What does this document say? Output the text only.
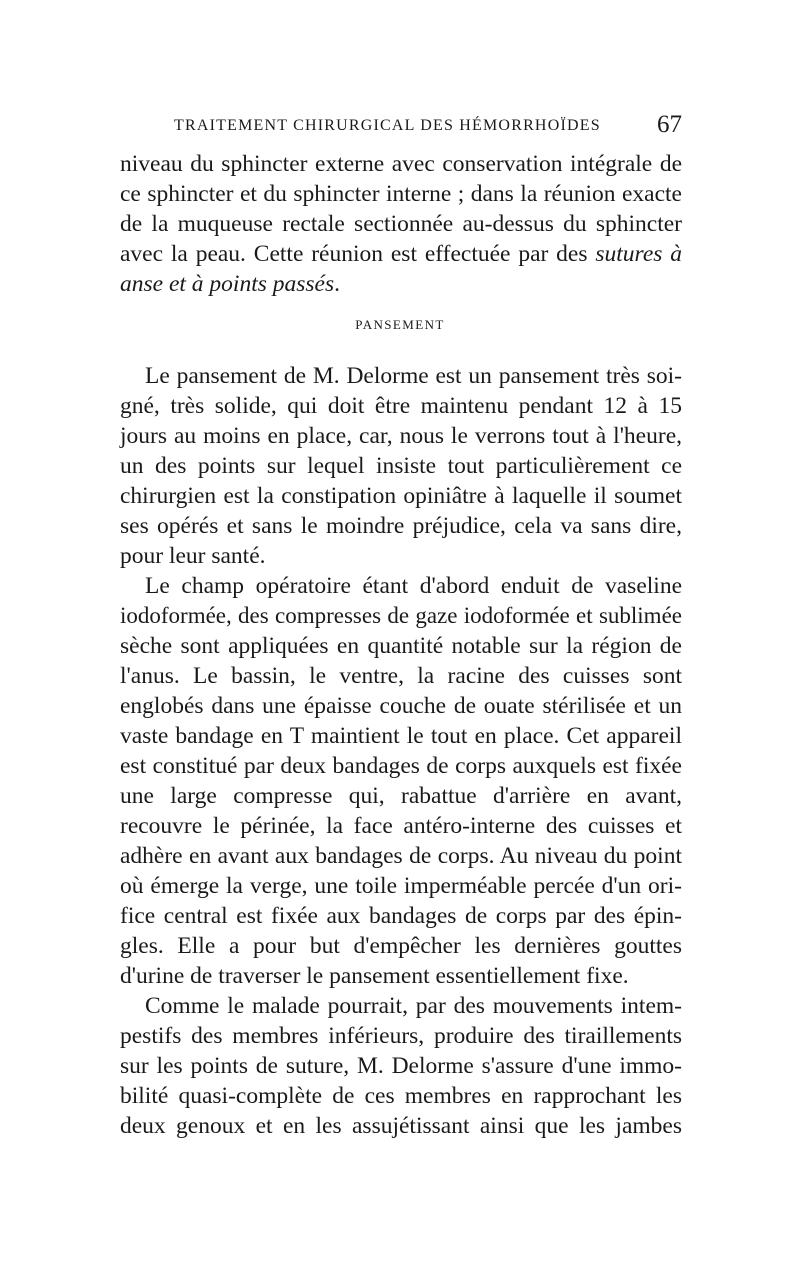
TRAITEMENT CHIRURGICAL DES HÉMORRHOÏDES 67
niveau du sphincter externe avec conservation intégrale de
ce sphincter et du sphincter interne ; dans la réunion exacte
de la muqueuse rectale sectionnée au-dessus du sphincter
avec la peau. Cette réunion est effectuée par des sutures à
anse et à points passés.
PANSEMENT
Le pansement de M. Delorme est un pansement très soi-
gné, très solide, qui doit être maintenu pendant 12 à 15
jours au moins en place, car, nous le verrons tout à l'heure,
un des points sur lequel insiste tout particulièrement ce
chirurgien est la constipation opiniâtre à laquelle il soumet
ses opérés et sans le moindre préjudice, cela va sans dire,
pour leur santé.
Le champ opératoire étant d'abord enduit de vaseline
iodoformée, des compresses de gaze iodoformée et sublimée
sèche sont appliquées en quantité notable sur la région de
l'anus. Le bassin, le ventre, la racine des cuisses sont
englobés dans une épaisse couche de ouate stérilisée et un
vaste bandage en T maintient le tout en place. Cet appareil
est constitué par deux bandages de corps auxquels est fixée
une large compresse qui, rabattue d'arrière en avant,
recouvre le périnée, la face antéro-interne des cuisses et
adhère en avant aux bandages de corps. Au niveau du point
où émerge la verge, une toile imperméable percée d'un ori-
fice central est fixée aux bandages de corps par des épin-
gles. Elle a pour but d'empêcher les dernières gouttes
d'urine de traverser le pansement essentiellement fixe.
Comme le malade pourrait, par des mouvements intem-
pestifs des membres inférieurs, produire des tiraillements
sur les points de suture, M. Delorme s'assure d'une immo-
bilité quasi-complète de ces membres en rapprochant les
deux genoux et en les assujétissant ainsi que les jambes
